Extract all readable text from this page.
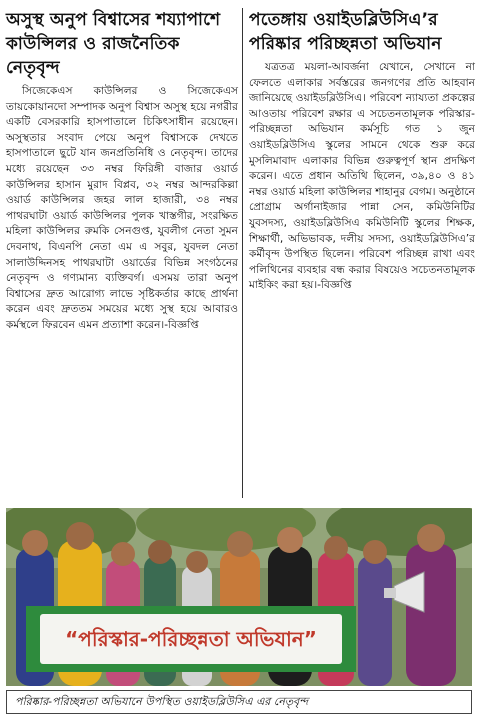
অসুস্থ অনুপ বিশ্বাসের শয্যাপাশে কাউন্সিলর ও রাজনৈতিক নেতৃবৃন্দ

সিজেকেএস কাউন্সিলর ও সিজেকেএস তায়কোয়ানদো সম্পাদক অনুপ বিশ্বাস অসুস্থ হয়ে নগরীর একটি বেসরকারি হাসপাতালে চিকিৎসাধীন রয়েছেন। অসুস্থতার সংবাদ পেয়ে অনুপ বিশ্বাসকে দেখতে হাসপাতালে ছুটে যান জনপ্রতিনিধি ও নেতৃবৃন্দ। তাদের মধ্যে রয়েছেন ৩৩ নম্বর ফিরিঙ্গী বাজার ওয়ার্ড কাউন্সিলর হাসান মুরাদ বিপ্লব, ৩২ নম্বর আন্দরকিল্লা ওয়ার্ড কাউন্সিলর জহর লাল হাজারী, ৩৪ নম্বর পাথরঘাটা ওয়ার্ড কাউন্সিলর পুলক খাস্তগীর, সংরক্ষিত মহিলা কাউন্সিলর রুমকি সেনগুপ্ত, যুবলীগ নেতা সুমন দেবনাথ, বিএনপি নেতা এম এ সবুর, যুবদল নেতা সালাউদ্দিনসহ পাথরঘাটা ওয়ার্ডের বিভিন্ন সংগঠনের নেতৃবৃন্দ ও গণ্যমান্য ব্যক্তিবর্গ। এসময় তারা অনুপ বিশ্বাসের দ্রুত আরোগ্য লাভে সৃষ্টিকর্তার কাছে প্রার্থনা করেন এবং দ্রুততম সময়ের মধ্যে সুস্থ হয়ে আবারও কর্মস্থলে ফিরবেন এমন প্রত্যাশা করেন।-বিজ্ঞপ্তি

পতেঙ্গায় ওয়াইডব্লিউসিএ’র পরিষ্কার পরিচ্ছন্নতা অভিযান

যত্রতত্র ময়লা-আবর্জনা যেখানে, সেখানে না ফেলতে এলাকার সর্বস্তরের জনগণের প্রতি আহবান জানিয়েছে ওয়াইডব্লিউসিএ। পরিবেশ ন্যায্যতা প্রকল্পের আওতায় পরিবেশ রক্ষার এ সচেতনতামূলক পরিস্কার-পরিচ্ছন্নতা অভিযান কর্মসূচি গত ১ জুন ওয়াইডব্লিউসিএ স্কুলের সামনে থেকে শুরু করে মুসলিমাবাদ এলাকার বিভিন্ন গুরুত্বপূর্ণ স্থান প্রদক্ষিণ করেন। এতে প্রধান অতিথি ছিলেন, ৩৯,৪০ ও ৪১ নম্বর ওয়ার্ড মহিলা কাউন্সিলর শাহানুর বেগম। অনুষ্ঠানে প্রোগ্রাম অর্গানাইজার পান্না সেন, কমিউনিটির যুবসদস্য, ওয়াইডব্লিউসিএ কমিউনিটি স্কুলের শিক্ষক, শিক্ষার্থী, অভিভাবক, দলীয় সদস্য, ওয়াইডব্লিউসিএ’র কর্মীবৃন্দ উপস্থিত ছিলেন। পরিবেশ পরিচ্ছন্ন রাখা এবং পলিথিনের ব্যবহার বন্ধ করার বিষয়েও সচেতনতামূলক মাইকিং করা হয়।-বিজ্ঞপ্তি

“পরিস্কার-পরিচ্ছন্নতা অভিযান”
পরিষ্কার-পরিচ্ছন্নতা অভিযানে উপস্থিত ওয়াইডব্লিউসিএ এর নেতৃবৃন্দ
